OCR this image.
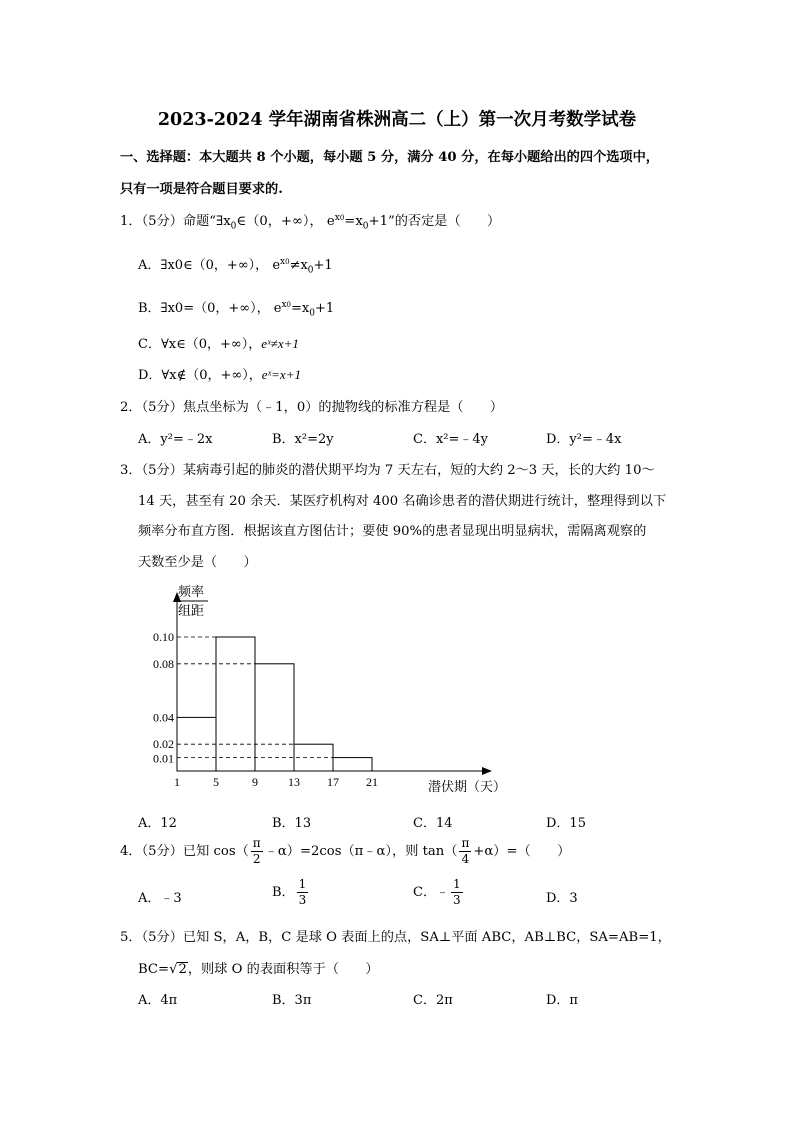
2023-2024 学年湖南省株洲高二（上）第一次月考数学试卷
一、选择题：本大题共 8 个小题，每小题 5 分，满分 40 分，在每小题给出的四个选项中，
只有一项是符合题目要求的.
1．（5分）命题“$\exists x_0\in(0$，+∞）， $e^{x0}=x_0+1$”的否定是（　　）
A．∃x0∈（0，+∞）， $e^{x0}\ne x_0+1$
B．∃x0=（0，+∞）， $e^{x0}=x_0+1$
C．∀x∈（0，+∞），eˣ≠x+1
D．∀x∉（0，+∞），eˣ=x+1
2．（5分）焦点坐标为（﹣1，0）的抛物线的标准方程是（　　）
A．y²=﹣2x	B．x²=2y	C．x²=﹣4y	D．y²=﹣4x
3．（5分）某病毒引起的肺炎的潜伏期平均为 7 天左右，短的大约 2～3 天，长的大约 10～
14 天，甚至有 20 余天．某医疗机构对 400 名确诊患者的潜伏期进行统计，整理得到以下
频率分布直方图．根据该直方图估计；要使 90%的患者显现出明显病状，需隔离观察的
天数至少是（　　）
0.10
0.08
0.04
0.02
0.01
1	5	9	13 17 21
频率
组距
潜伏期（天）
A．12	B．13	C．14	D．15
4．（5分）已知 $\cos( \frac{\pi}{2}$ ﹣α）=2cos（π﹣α），则 $\tan( \frac{\pi}{4} +\alpha)=$（　　）
A．﹣3	B． $\frac{1}{3}$	C．﹣ $\frac{1}{3}$	D．3
5．（5分）已知 S，A，B，C 是球 O 表面上的点，SA⊥平面 ABC，AB⊥BC，SA=AB=1，
BC=√2，则球 O 的表面积等于（　　）
A．4π	B．3π	C．2π	D．π
